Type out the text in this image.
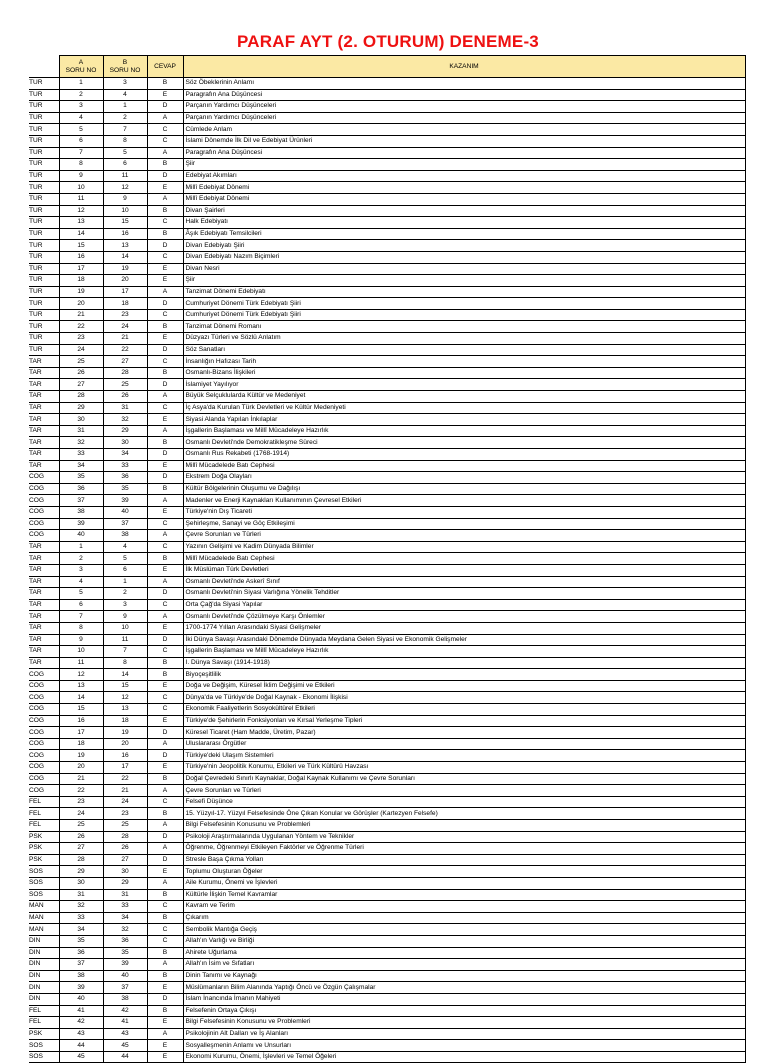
PARAF AYT (2. OTURUM) DENEME-3
	A
SORU NO	B
SORU NO	CEVAP	KAZANIM
TUR	1	3	B	Söz Öbeklerinin Anlamı
TUR	2	4	E	Paragrafın Ana Düşüncesi
TUR	3	1	D	Parçanın Yardımcı Düşünceleri
TUR	4	2	A	Parçanın Yardımcı Düşünceleri
TUR	5	7	C	Cümlede Anlam
TUR	6	8	C	İslami Dönemde İlk Dil ve Edebiyat Ürünleri
TUR	7	5	A	Paragrafın Ana Düşüncesi
TUR	8	6	B	Şiir
TUR	9	11	D	Edebiyat Akımları
TUR	10	12	E	Millî Edebiyat Dönemi
TUR	11	9	A	Millî Edebiyat Dönemi
TUR	12	10	B	Divan Şairleri
TUR	13	15	C	Halk Edebiyatı
TUR	14	16	B	Âşık Edebiyatı Temsilcileri
TUR	15	13	D	Divan Edebiyatı Şiiri
TUR	16	14	C	Divan Edebiyatı Nazım Biçimleri
TUR	17	19	E	Divan Nesri
TUR	18	20	E	Şiir
TUR	19	17	A	Tanzimat Dönemi Edebiyatı
TUR	20	18	D	Cumhuriyet Dönemi Türk Edebiyatı Şiiri
TUR	21	23	C	Cumhuriyet Dönemi Türk Edebiyatı Şiiri
TUR	22	24	B	Tanzimat Dönemi Romanı
TUR	23	21	E	Düzyazı Türleri ve Sözlü Anlatım
TUR	24	22	D	Söz Sanatları
TAR	25	27	C	İnsanlığın Hafızası Tarih
TAR	26	28	B	Osmanlı-Bizans İlişkileri
TAR	27	25	D	İslamiyet Yayılıyor
TAR	28	26	A	Büyük Selçuklularda Kültür ve Medeniyet
TAR	29	31	C	İç Asya'da Kurulan Türk Devletleri ve Kültür Medeniyeti
TAR	30	32	E	Siyasi Alanda Yapılan İnkılaplar
TAR	31	29	A	İşgallerin Başlaması ve Millî Mücadeleye Hazırlık
TAR	32	30	B	Osmanlı Devleti'nde Demokratikleşme Süreci
TAR	33	34	D	Osmanlı Rus Rekabeti (1768-1914)
TAR	34	33	E	Millî Mücadelede Batı Cephesi
COG	35	36	D	Ekstrem Doğa Olayları
COG	36	35	B	Kültür Bölgelerinin Oluşumu ve Dağılışı
COG	37	39	A	Madenler ve Enerji Kaynakları Kullanımının Çevresel Etkileri
COG	38	40	E	Türkiye'nin Dış Ticareti
COG	39	37	C	Şehirleşme, Sanayi ve Göç Etkileşimi
COG	40	38	A	Çevre Sorunları ve Türleri
TAR	1	4	C	Yazının Gelişimi ve Kadim Dünyada Bilimler
TAR	2	5	B	Millî Mücadelede Batı Cephesi
TAR	3	6	E	İlk Müslüman Türk Devletleri
TAR	4	1	A	Osmanlı Devleti'nde Askerî Sınıf
TAR	5	2	D	Osmanlı Devleti'nin Siyasi Varlığına Yönelik Tehditler
TAR	6	3	C	Orta Çağ'da Siyasi Yapılar
TAR	7	9	A	Osmanlı Devleti'nde Çözülmeye Karşı Önlemler
TAR	8	10	E	1700-1774 Yılları Arasındaki Siyasi Gelişmeler
TAR	9	11	D	İki Dünya Savaşı Arasındaki Dönemde Dünyada Meydana Gelen Siyasi ve Ekonomik Gelişmeler
TAR	10	7	C	İşgallerin Başlaması ve Millî Mücadeleye Hazırlık
TAR	11	8	B	I. Dünya Savaşı (1914-1918)
COG	12	14	B	Biyoçeşitlilik
COG	13	15	E	Doğa ve Değişim, Küresel İklim Değişimi ve Etkileri
COG	14	12	C	Dünya'da ve Türkiye'de Doğal Kaynak - Ekonomi İlişkisi
COG	15	13	C	Ekonomik Faaliyetlerin Sosyokültürel Etkileri
COG	16	18	E	Türkiye'de Şehirlerin Fonksiyonları ve Kırsal Yerleşme Tipleri
COG	17	19	D	Küresel Ticaret (Ham Madde, Üretim, Pazar)
COG	18	20	A	Uluslararası Örgütler
COG	19	16	D	Türkiye'deki Ulaşım Sistemleri
COG	20	17	E	Türkiye'nin Jeopolitik Konumu, Etkileri ve Türk Kültürü Havzası
COG	21	22	B	Doğal Çevredeki Sınırlı Kaynaklar, Doğal Kaynak Kullanımı ve Çevre Sorunları
COG	22	21	A	Çevre Sorunları ve Türleri
FEL	23	24	C	Felsefi Düşünce
FEL	24	23	B	15. Yüzyıl-17. Yüzyıl Felsefesinde Öne Çıkan Konular ve Görüşler (Kartezyen Felsefe)
FEL	25	25	A	Bilgi Felsefesinin Konusunu ve Problemleri
PSK	26	28	D	Psikoloji Araştırmalarında Uygulanan Yöntem ve Teknikler
PSK	27	26	A	Öğrenme, Öğrenmeyi Etkileyen Faktörler ve Öğrenme Türleri
PSK	28	27	D	Stresle Başa Çıkma Yolları
SOS	29	30	E	Toplumu Oluşturan Öğeler
SOS	30	29	A	Aile Kurumu, Önemi ve İşlevleri
SOS	31	31	B	Kültürle İlişkin Temel Kavramlar
MAN	32	33	C	Kavram ve Terim
MAN	33	34	B	Çıkarım
MAN	34	32	C	Sembolik Mantığa Geçiş
DIN	35	36	C	Allah'ın Varlığı ve Birliği
DIN	36	35	B	Ahirete Uğurlama
DIN	37	39	A	Allah'ın İsim ve Sıfatları
DIN	38	40	B	Dinin Tanımı ve Kaynağı
DIN	39	37	E	Müslümanların Bilim Alanında Yaptığı Öncü ve Özgün Çalışmalar
DIN	40	38	D	İslam İnancında İmanın Mahiyeti
FEL	41	42	B	Felsefenin Ortaya Çıkışı
FEL	42	41	E	Bilgi Felsefesinin Konusunu ve Problemleri
PSK	43	43	A	Psikolojinin Alt Dalları ve İş Alanları
SOS	44	45	E	Sosyalleşmenin Anlamı ve Unsurları
SOS	45	44	E	Ekonomi Kurumu, Önemi, İşlevleri ve Temel Öğeleri
